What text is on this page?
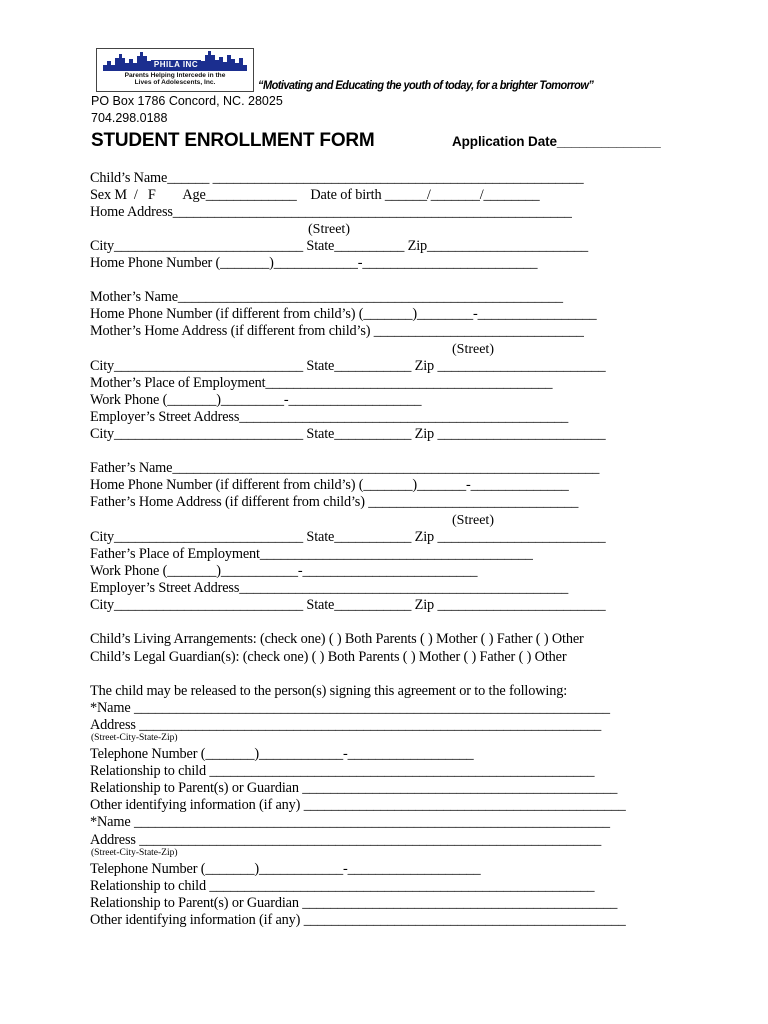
PHILA INC
Parents Helping Intercede in the
Lives of Adolescents, Inc.	“Motivating and Educating the youth of today, for a brighter Tomorrow”
PO Box 1786 Concord, NC. 28025
704.298.0188
STUDENT ENROLLMENT FORM	Application Date______________
Child’s Name______ _____________________________________________________
Sex M  /   F        Age_____________    Date of birth ______/_______/________
Home Address_________________________________________________________
(Street)
City___________________________ State__________ Zip_______________________
Home Phone Number (_______)____________-_________________________
Mother’s Name_______________________________________________________
Home Phone Number (if different from child’s) (_______)________-_________________
Mother’s Home Address (if different from child’s) ______________________________
(Street)
City___________________________ State___________ Zip ________________________
Mother’s Place of Employment_________________________________________
Work Phone (_______)_________-___________________
Employer’s Street Address_______________________________________________
City___________________________ State___________ Zip ________________________
Father’s Name_____________________________________________________________
Home Phone Number (if different from child’s) (_______)_______-______________
Father’s Home Address (if different from child’s) ______________________________
(Street)
City___________________________ State___________ Zip ________________________
Father’s Place of Employment_______________________________________
Work Phone (_______)___________-_________________________
Employer’s Street Address_______________________________________________
City___________________________ State___________ Zip ________________________
Child’s Living Arrangements: (check one) ( ) Both Parents ( ) Mother ( ) Father ( ) Other
Child’s Legal Guardian(s): (check one) ( ) Both Parents ( ) Mother ( ) Father ( ) Other
The child may be released to the person(s) signing this agreement or to the following:
*Name ____________________________________________________________________
Address __________________________________________________________________
(Street-City-State-Zip)
Telephone Number (_______)____________-__________________
Relationship to child _______________________________________________________
Relationship to Parent(s) or Guardian _____________________________________________
Other identifying information (if any) ______________________________________________
*Name ____________________________________________________________________
Address __________________________________________________________________
(Street-City-State-Zip)
Telephone Number (_______)____________-___________________
Relationship to child _______________________________________________________
Relationship to Parent(s) or Guardian _____________________________________________
Other identifying information (if any) ______________________________________________
